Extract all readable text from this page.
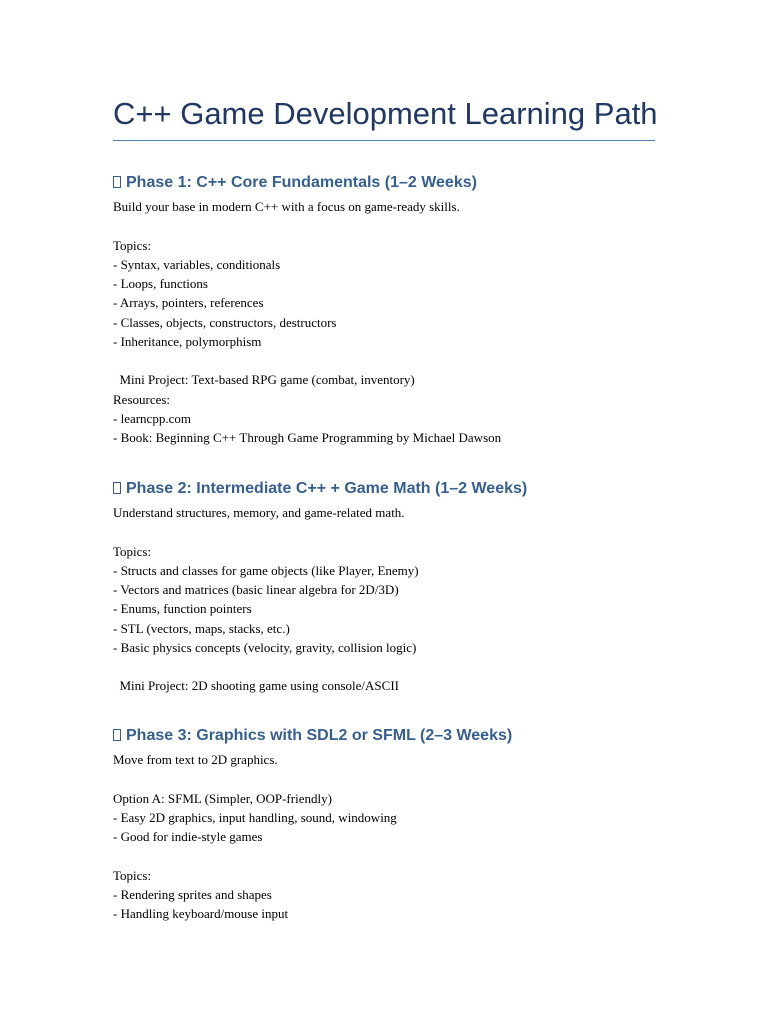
C++ Game Development Learning Path
Phase 1: C++ Core Fundamentals (1–2 Weeks)
Build your base in modern C++ with a focus on game-ready skills.
Topics:
- Syntax, variables, conditionals
- Loops, functions
- Arrays, pointers, references
- Classes, objects, constructors, destructors
- Inheritance, polymorphism
Mini Project: Text-based RPG game (combat, inventory)
Resources:
- learncpp.com
- Book: Beginning C++ Through Game Programming by Michael Dawson
Phase 2: Intermediate C++ + Game Math (1–2 Weeks)
Understand structures, memory, and game-related math.
Topics:
- Structs and classes for game objects (like Player, Enemy)
- Vectors and matrices (basic linear algebra for 2D/3D)
- Enums, function pointers
- STL (vectors, maps, stacks, etc.)
- Basic physics concepts (velocity, gravity, collision logic)
Mini Project: 2D shooting game using console/ASCII
Phase 3: Graphics with SDL2 or SFML (2–3 Weeks)
Move from text to 2D graphics.
Option A: SFML (Simpler, OOP-friendly)
- Easy 2D graphics, input handling, sound, windowing
- Good for indie-style games
Topics:
- Rendering sprites and shapes
- Handling keyboard/mouse input
